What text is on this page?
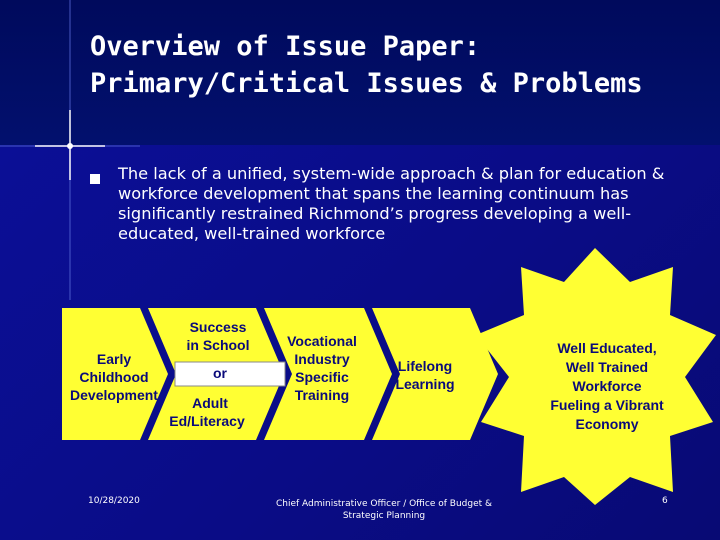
Overview of Issue Paper:
Primary/Critical Issues & Problems
The lack of a unified, system-wide approach & plan for education & workforce development that spans the learning continuum has significantly restrained Richmond’s progress developing a well-educated, well-trained workforce
Early
Childhood
Development
Success
in School
or
Adult
Ed/Literacy
Vocational
Industry
Specific
Training
Lifelong
Learning
Well Educated,
Well Trained
Workforce
Fueling a Vibrant
Economy
10/28/2020	Chief Administrative Officer / Office of Budget & Strategic Planning
6
